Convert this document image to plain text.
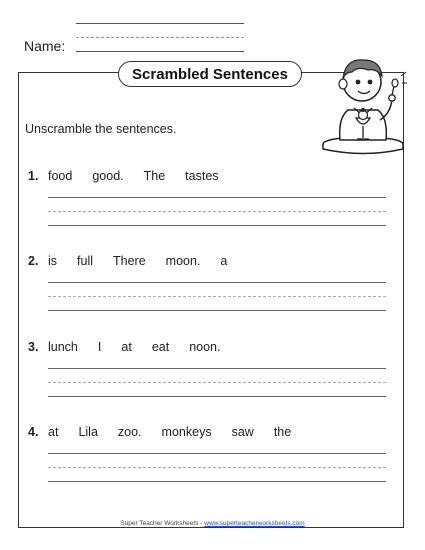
Name:
Scrambled Sentences
Unscramble the sentences.
1. food good. The tastes
2. is full There moon. a
3. lunch I at eat noon.
4. at Lila zoo. monkeys saw the
Super Teacher Worksheets - www.superteacherworksheets.com
